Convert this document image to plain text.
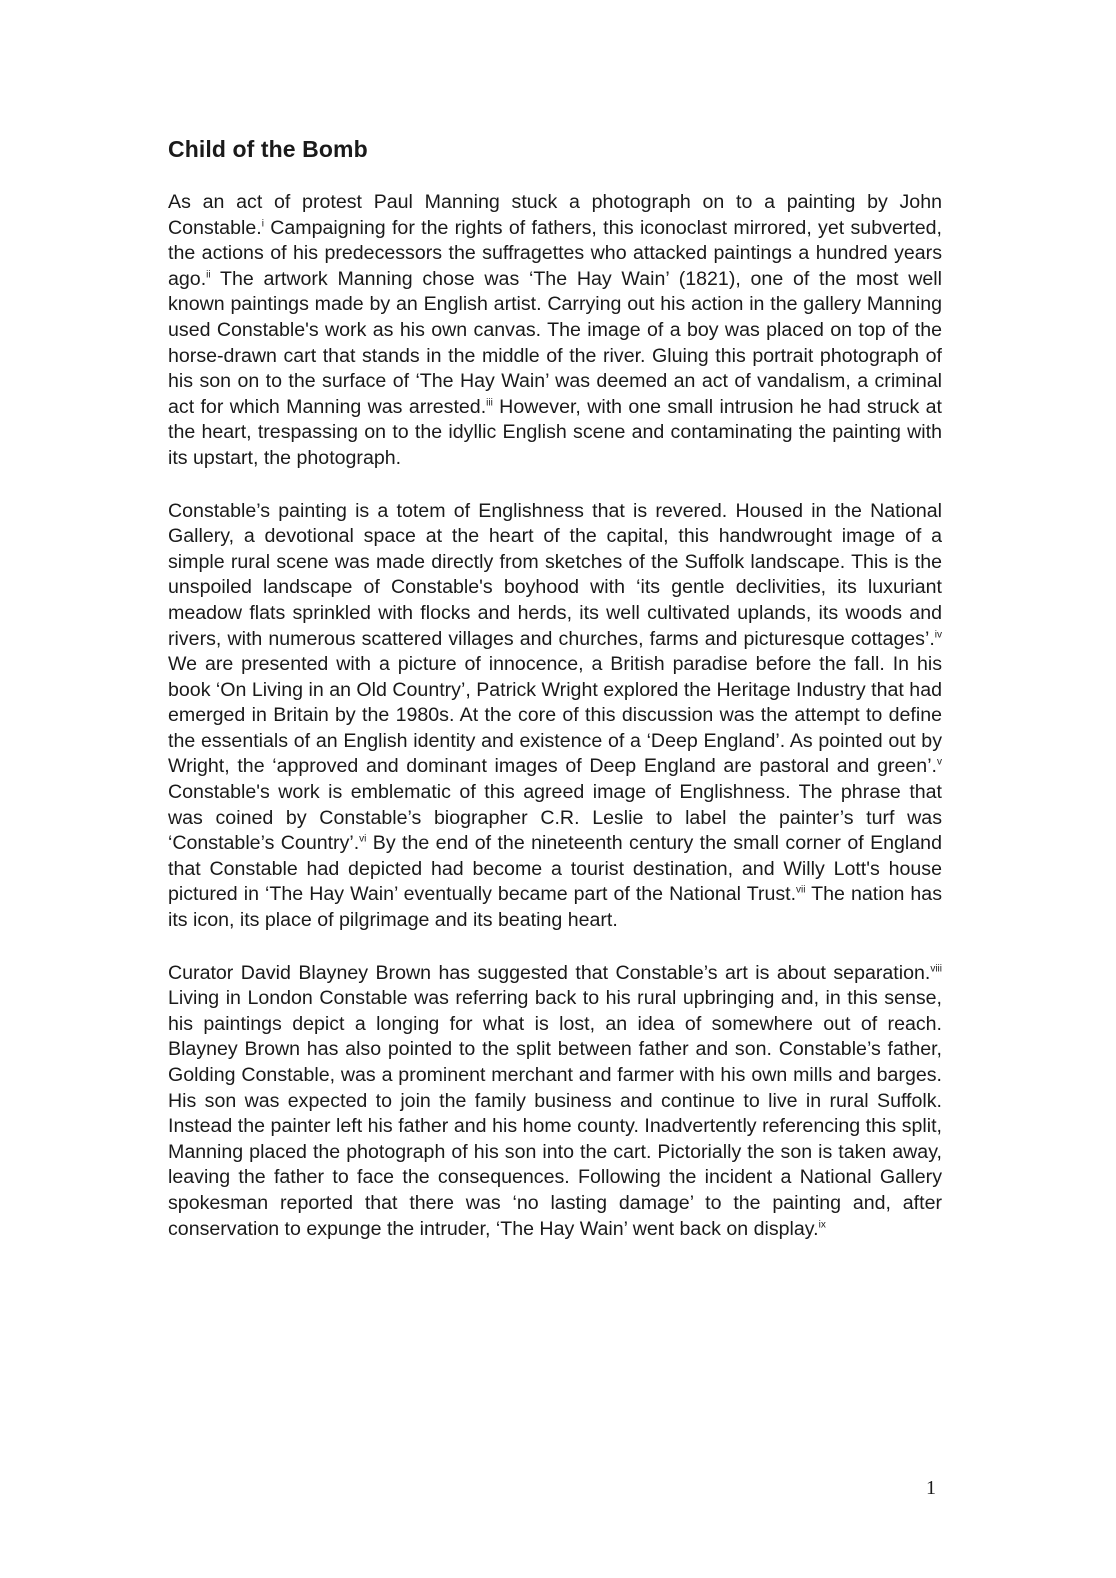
Child of the Bomb

As an act of protest Paul Manning stuck a photograph on to a painting by John Constable.$^i$ Campaigning for the rights of fathers, this iconoclast mirrored, yet subverted, the actions of his predecessors the suffragettes who attacked paintings a hundred years ago.$^{ii}$ The artwork Manning chose was ‘The Hay Wain’ (1821), one of the most well known paintings made by an English artist. Carrying out his action in the gallery Manning used Constable's work as his own canvas. The image of a boy was placed on top of the horse-drawn cart that stands in the middle of the river. Gluing this portrait photograph of his son on to the surface of ‘The Hay Wain’ was deemed an act of vandalism, a criminal act for which Manning was arrested.$^{iii}$ However, with one small intrusion he had struck at the heart, trespassing on to the idyllic English scene and contaminating the painting with its upstart, the photograph.

Constable’s painting is a totem of Englishness that is revered. Housed in the National Gallery, a devotional space at the heart of the capital, this handwrought image of a simple rural scene was made directly from sketches of the Suffolk landscape. This is the unspoiled landscape of Constable's boyhood with ‘its gentle declivities, its luxuriant meadow flats sprinkled with flocks and herds, its well cultivated uplands, its woods and rivers, with numerous scattered villages and churches, farms and picturesque cottages’.$^{iv}$ We are presented with a picture of innocence, a British paradise before the fall. In his book ‘On Living in an Old Country’, Patrick Wright explored the Heritage Industry that had emerged in Britain by the 1980s. At the core of this discussion was the attempt to define the essentials of an English identity and existence of a ‘Deep England’. As pointed out by Wright, the ‘approved and dominant images of Deep England are pastoral and green’.$^v$ Constable's work is emblematic of this agreed image of Englishness. The phrase that was coined by Constable’s biographer C.R. Leslie to label the painter’s turf was ‘Constable’s Country’.$^{vi}$ By the end of the nineteenth century the small corner of England that Constable had depicted had become a tourist destination, and Willy Lott's house pictured in ‘The Hay Wain’ eventually became part of the National Trust.$^{vii}$ The nation has its icon, its place of pilgrimage and its beating heart.

Curator David Blayney Brown has suggested that Constable’s art is about separation.$^{viii}$ Living in London Constable was referring back to his rural upbringing and, in this sense, his paintings depict a longing for what is lost, an idea of somewhere out of reach. Blayney Brown has also pointed to the split between father and son. Constable’s father, Golding Constable, was a prominent merchant and farmer with his own mills and barges. His son was expected to join the family business and continue to live in rural Suffolk. Instead the painter left his father and his home county. Inadvertently referencing this split, Manning placed the photograph of his son into the cart. Pictorially the son is taken away, leaving the father to face the consequences. Following the incident a National Gallery spokesman reported that there was ‘no lasting damage’ to the painting and, after conservation to expunge the intruder, ‘The Hay Wain’ went back on display.$^{ix}$

1
